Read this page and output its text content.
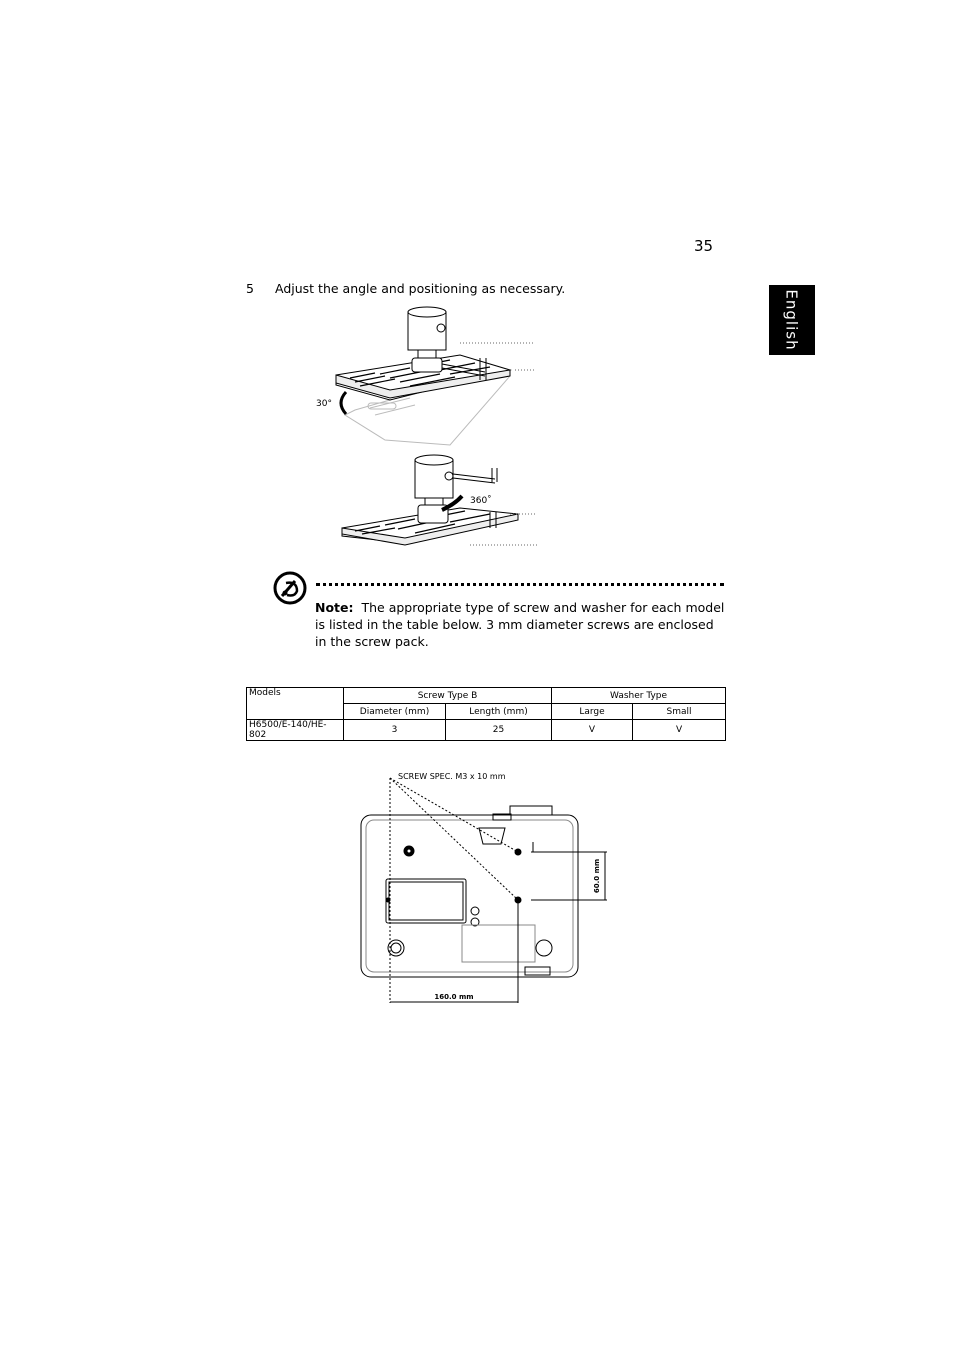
35
English
5 Adjust the angle and positioning as necessary.
30°
360˚
Note: The appropriate type of screw and washer for each model is listed in the table below. 3 mm diameter screws are enclosed in the screw pack.
Models	Screw Type B		Washer Type	
	Diameter (mm)	Length (mm)	Large	Small
H6500/E-140/HE-802	3	25	V	V
SCREW SPEC. M3 x 10 mm
160.0 mm
60.0 mm
